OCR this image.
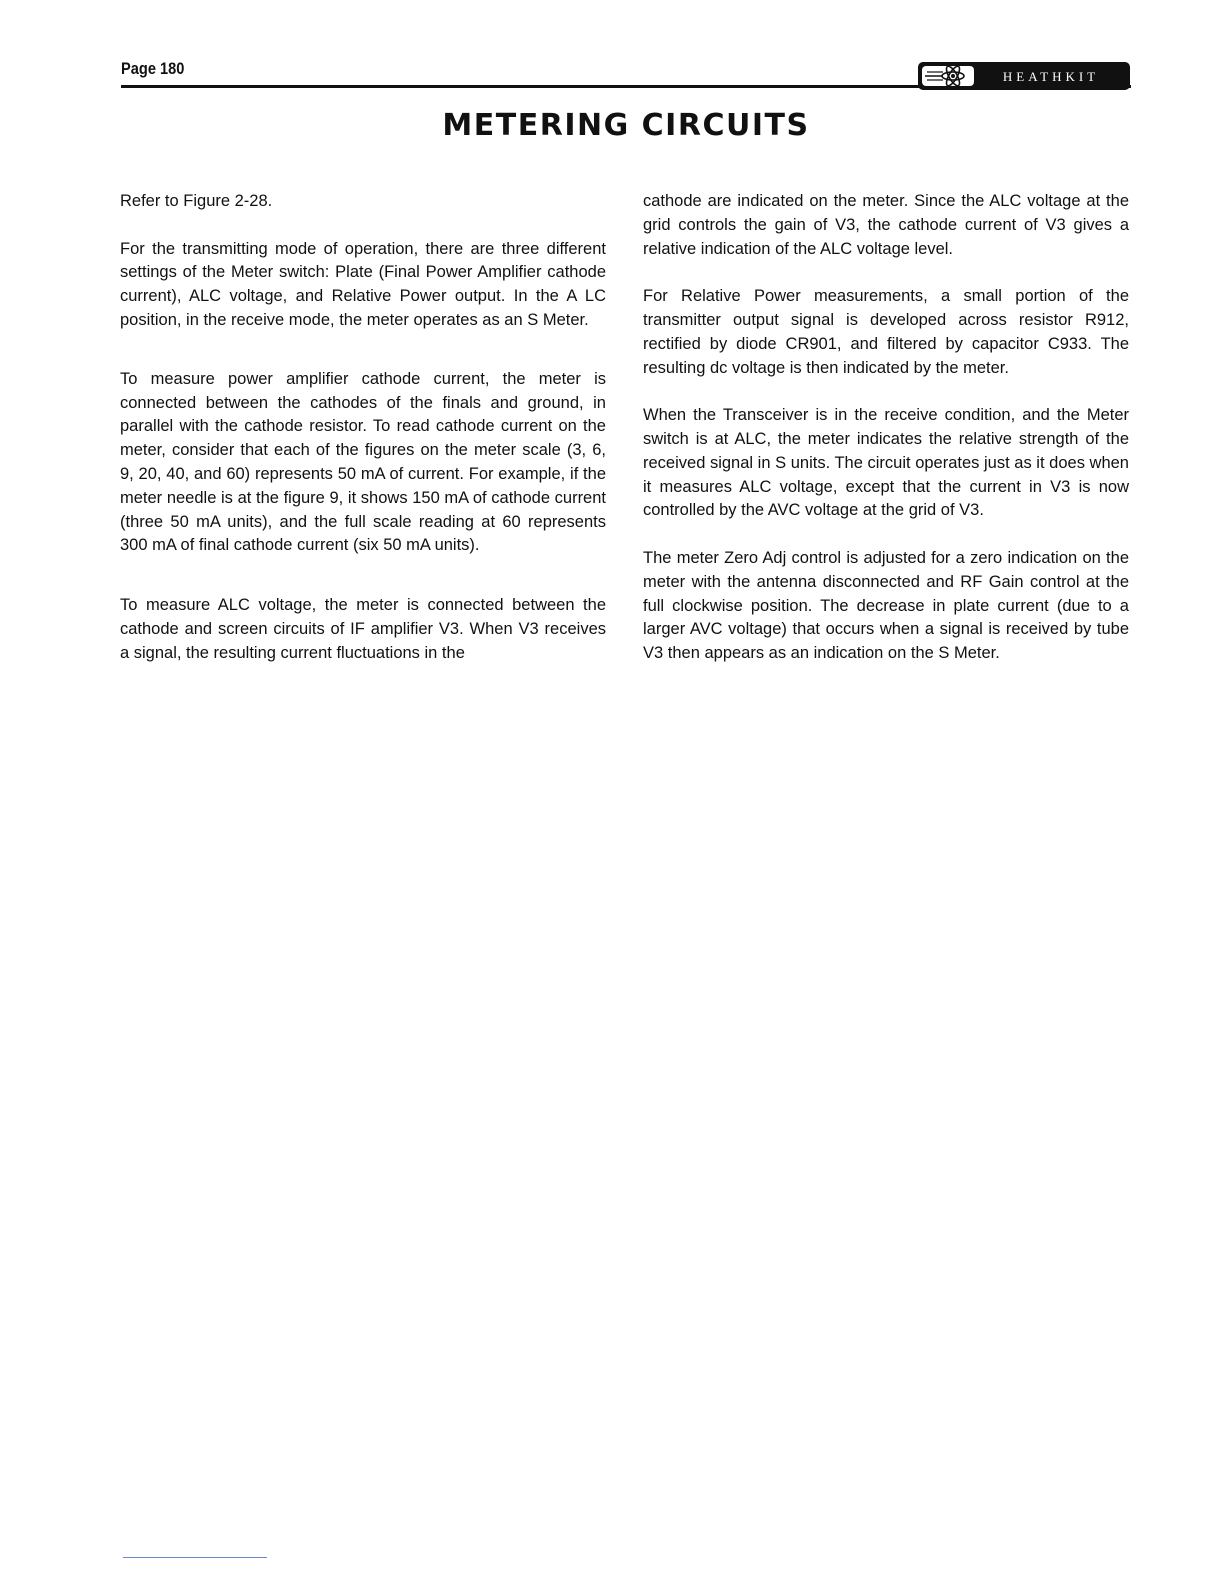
Page 180	HEATHKIT
METERING CIRCUITS

Refer to Figure 2-28.

For the transmitting mode of operation, there are three different settings of the Meter switch: Plate (Final Power Amplifier cathode current), ALC voltage, and Relative Power output. In the A LC position, in the receive mode, the meter operates as an S Meter.

To measure power amplifier cathode current, the meter is connected between the cathodes of the finals and ground, in parallel with the cathode resistor. To read cathode current on the meter, consider that each of the figures on the meter scale (3, 6, 9, 20, 40, and 60) represents 50 mA of current. For example, if the meter needle is at the figure 9, it shows 150 mA of cathode current (three 50 mA units), and the full scale reading at 60 represents 300 mA of final cathode current (six 50 mA units).

To measure ALC voltage, the meter is connected between the cathode and screen circuits of IF amplifier V3. When V3 receives a signal, the resulting current fluctuations in the

cathode are indicated on the meter. Since the ALC voltage at the grid controls the gain of V3, the cathode current of V3 gives a relative indication of the ALC voltage level.

For Relative Power measurements, a small portion of the transmitter output signal is developed across resistor R912, rectified by diode CR901, and filtered by capacitor C933. The resulting dc voltage is then indicated by the meter.

When the Transceiver is in the receive condition, and the Meter switch is at ALC, the meter indicates the relative strength of the received signal in S units. The circuit operates just as it does when it measures ALC voltage, except that the current in V3 is now controlled by the AVC voltage at the grid of V3.

The meter Zero Adj control is adjusted for a zero indication on the meter with the antenna disconnected and RF Gain control at the full clockwise position. The decrease in plate current (due to a larger AVC voltage) that occurs when a signal is received by tube V3 then appears as an indication on the S Meter.
